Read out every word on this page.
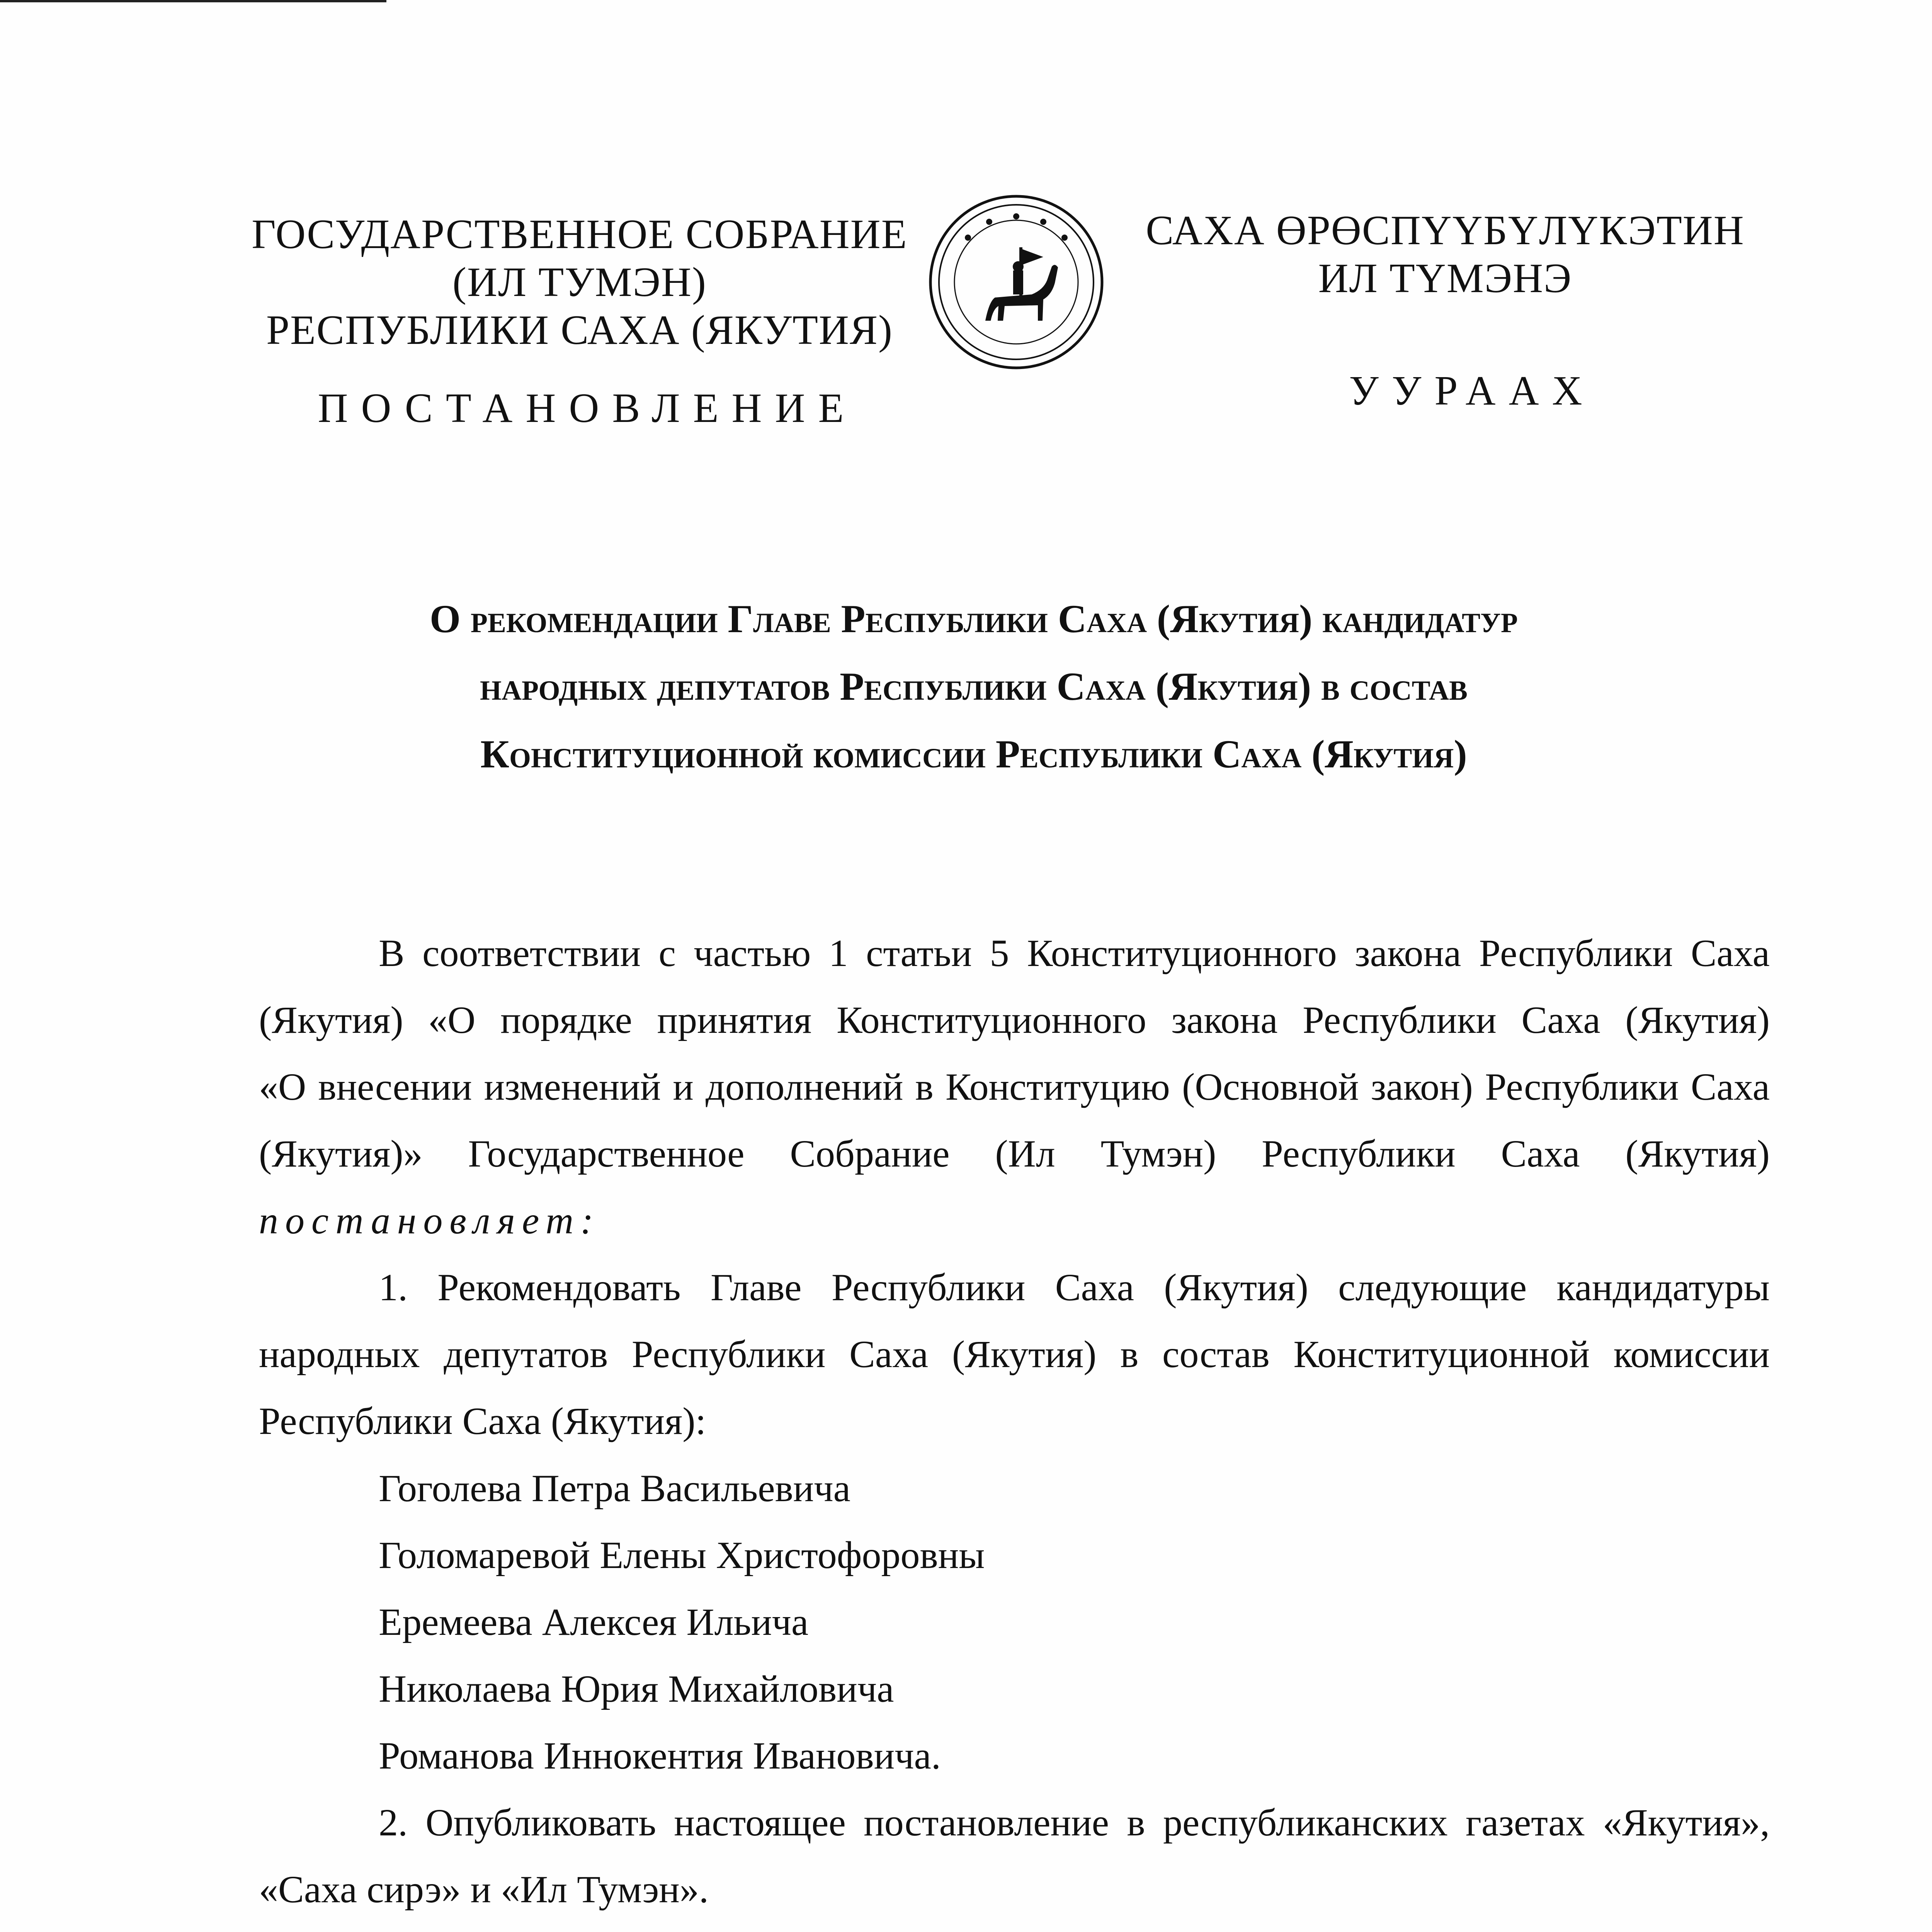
ГОСУДАРСТВЕННОЕ СОБРАНИЕ
(ИЛ ТУМЭН)
РЕСПУБЛИКИ САХА (ЯКУТИЯ)
ПОСТАНОВЛЕНИЕ
САХА ӨРӨСПҮҮБҮЛҮКЭТИН
ИЛ ТҮМЭНЭ
УУРААХ
О рекомендации Главе Республики Саха (Якутия) кандидатур
народных депутатов Республики Саха (Якутия) в состав
Конституционной комиссии Республики Саха (Якутия)
В соответствии с частью 1 статьи 5 Конституционного закона Республики Саха
(Якутия) «О порядке принятия Конституционного закона Республики Саха (Якутия)
«О внесении изменений и дополнений в Конституцию (Основной закон) Республики Саха
(Якутия)» Государственное Собрание (Ил Тумэн) Республики Саха (Якутия)
постановляет:
1. Рекомендовать Главе Республики Саха (Якутия) следующие кандидатуры
народных депутатов Республики Саха (Якутия) в состав Конституционной комиссии
Республики Саха (Якутия):
Гоголева Петра Васильевича
Голомаревой Елены Христофоровны
Еремеева Алексея Ильича
Николаева Юрия Михайловича
Романова Иннокентия Ивановича.
2. Опубликовать настоящее постановление в республиканских газетах «Якутия»,
«Саха сирэ» и «Ил Тумэн».
